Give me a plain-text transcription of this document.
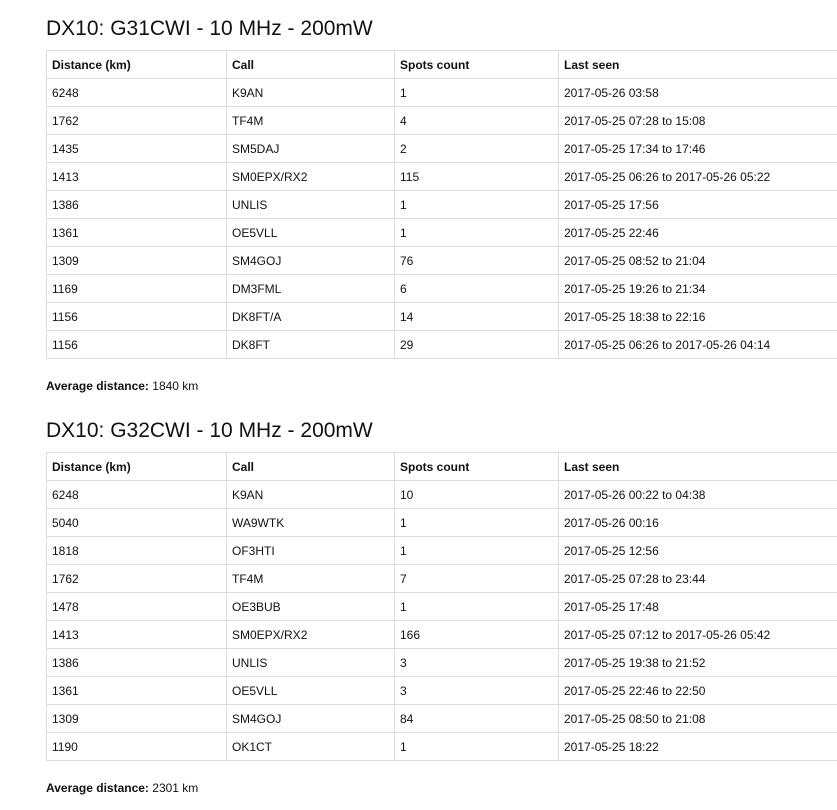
DX10: G31CWI - 10 MHz - 200mW
Distance (km)	Call	Spots count	Last seen
6248	K9AN	1	2017-05-26 03:58
1762	TF4M	4	2017-05-25 07:28 to 15:08
1435	SM5DAJ	2	2017-05-25 17:34 to 17:46
1413	SM0EPX/RX2	115	2017-05-25 06:26 to 2017-05-26 05:22
1386	UNLIS	1	2017-05-25 17:56
1361	OE5VLL	1	2017-05-25 22:46
1309	SM4GOJ	76	2017-05-25 08:52 to 21:04
1169	DM3FML	6	2017-05-25 19:26 to 21:34
1156	DK8FT/A	14	2017-05-25 18:38 to 22:16
1156	DK8FT	29	2017-05-25 06:26 to 2017-05-26 04:14
Average distance: 1840 km
DX10: G32CWI - 10 MHz - 200mW
Distance (km)	Call	Spots count	Last seen
6248	K9AN	10	2017-05-26 00:22 to 04:38
5040	WA9WTK	1	2017-05-26 00:16
1818	OF3HTI	1	2017-05-25 12:56
1762	TF4M	7	2017-05-25 07:28 to 23:44
1478	OE3BUB	1	2017-05-25 17:48
1413	SM0EPX/RX2	166	2017-05-25 07:12 to 2017-05-26 05:42
1386	UNLIS	3	2017-05-25 19:38 to 21:52
1361	OE5VLL	3	2017-05-25 22:46 to 22:50
1309	SM4GOJ	84	2017-05-25 08:50 to 21:08
1190	OK1CT	1	2017-05-25 18:22
Average distance: 2301 km
